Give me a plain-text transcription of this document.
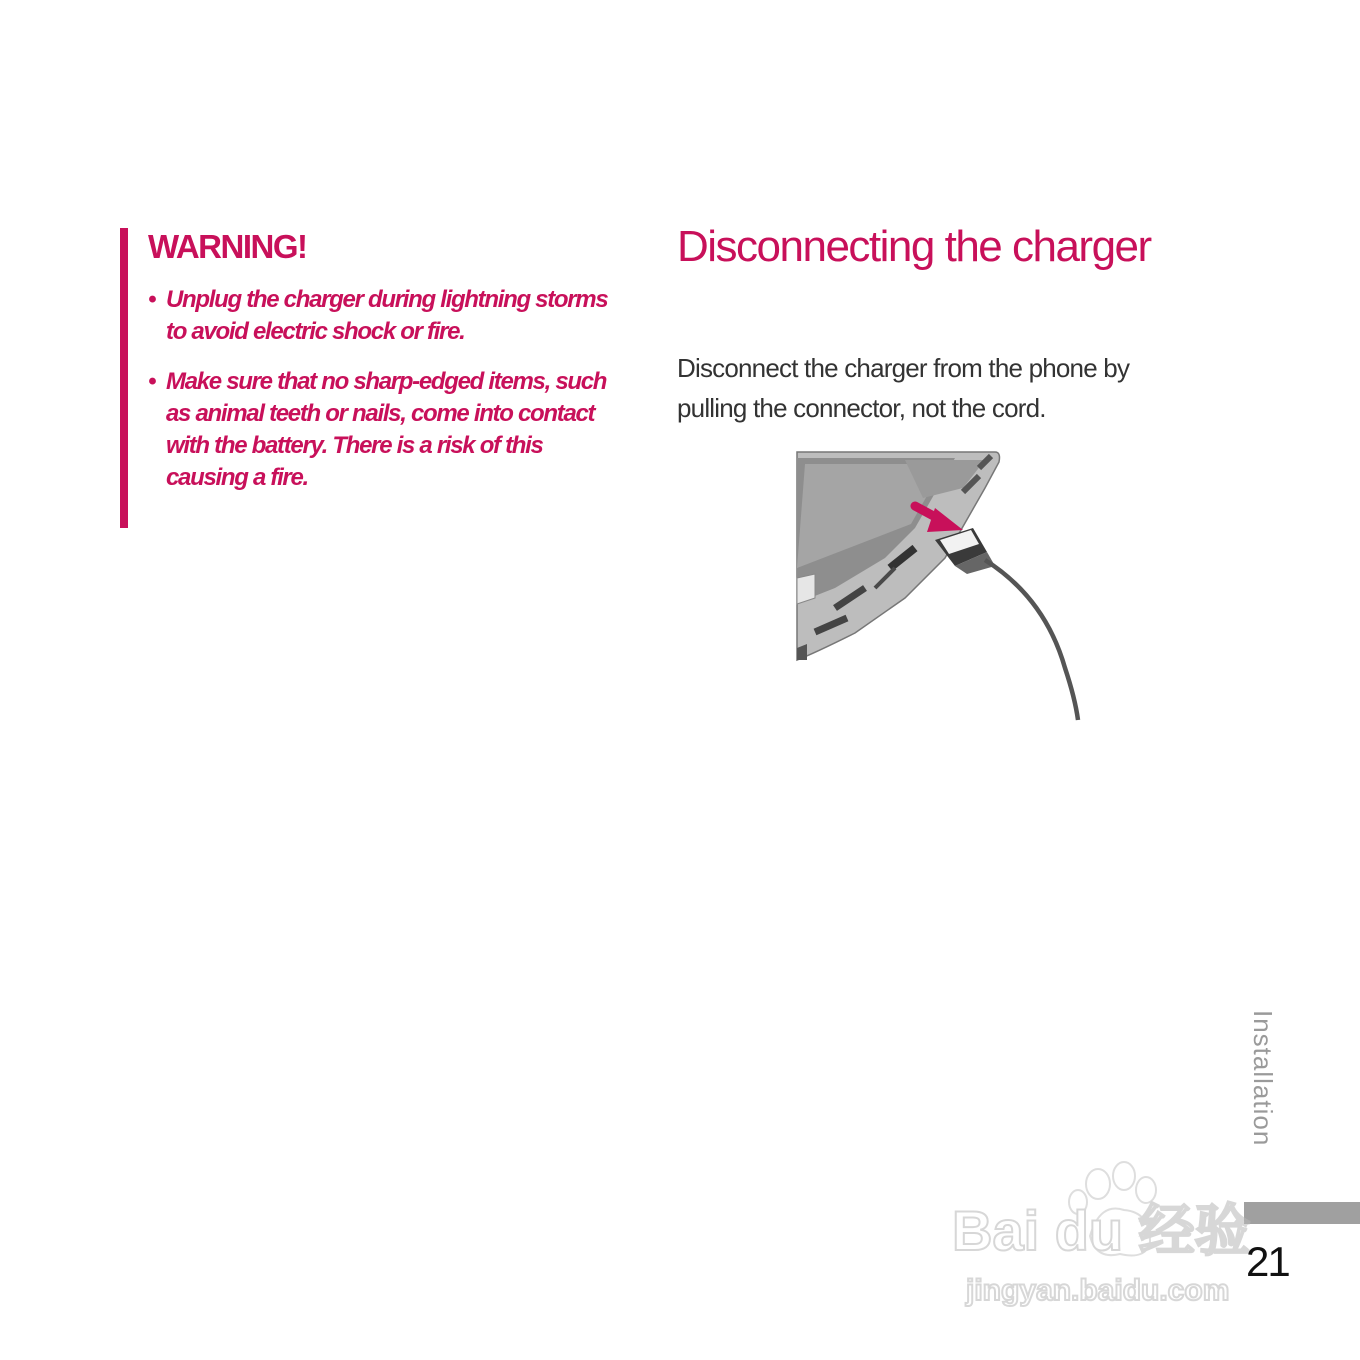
WARNING!
• Unplug the charger during lightning storms to avoid electric shock or fire.
• Make sure that no sharp-edged items, such as animal teeth or nails, come into contact with the battery. There is a risk of this causing a fire.
Disconnecting the charger

Disconnect the charger from the phone by pulling the connector, not the cord.

Installation
Bai du 经验
jingyan.baidu.com
21
